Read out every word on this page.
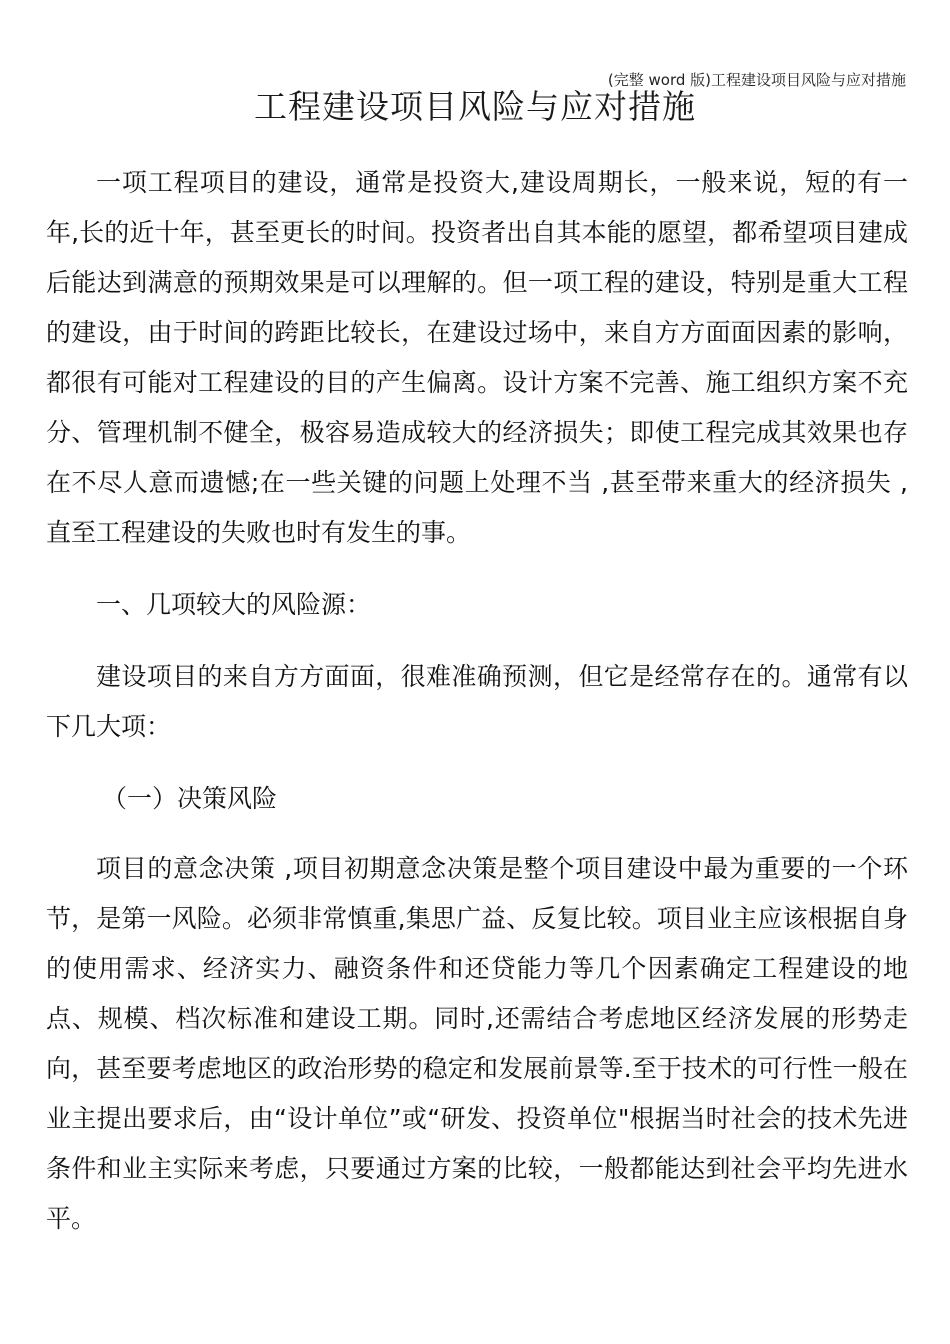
(完整 word 版)工程建设项目风险与应对措施
工程建设项目风险与应对措施

一项工程项目的建设，通常是投资大,建设周期长，一般来说，短的有一年,长的近十年，甚至更长的时间。投资者出自其本能的愿望，都希望项目建成后能达到满意的预期效果是可以理解的。但一项工程的建设，特别是重大工程的建设，由于时间的跨距比较长，在建设过场中，来自方方面面因素的影响，都很有可能对工程建设的目的产生偏离。设计方案不完善、施工组织方案不充分、管理机制不健全，极容易造成较大的经济损失；即使工程完成其效果也存在不尽人意而遗憾;在一些关键的问题上处理不当 ,甚至带来重大的经济损失 ,直至工程建设的失败也时有发生的事。

一、几项较大的风险源：

建设项目的来自方方面面，很难准确预测，但它是经常存在的。通常有以下几大项：

（一）决策风险

项目的意念决策 ,项目初期意念决策是整个项目建设中最为重要的一个环节，是第一风险。必须非常慎重,集思广益、反复比较。项目业主应该根据自身的使用需求、经济实力、融资条件和还贷能力等几个因素确定工程建设的地点、规模、档次标准和建设工期。同时,还需结合考虑地区经济发展的形势走向，甚至要考虑地区的政治形势的稳定和发展前景等.至于技术的可行性一般在业主提出要求后，由“设计单位”或“研发、投资单位"根据当时社会的技术先进条件和业主实际来考虑，只要通过方案的比较，一般都能达到社会平均先进水平。
